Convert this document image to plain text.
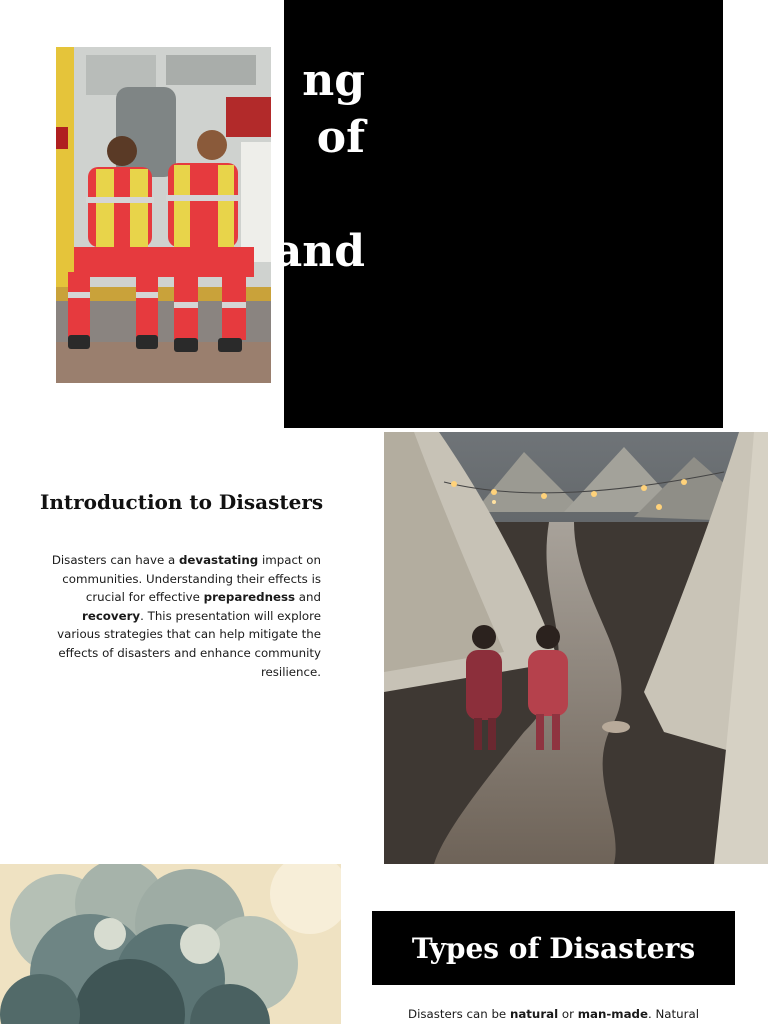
ng
of
and
Introduction to Disasters

Disasters can have a devastating impact on communities. Understanding their effects is crucial for effective preparedness and recovery. This presentation will explore various strategies that can help mitigate the effects of disasters and enhance community resilience.

Types of Disasters

Disasters can be natural or man-made. Natural
